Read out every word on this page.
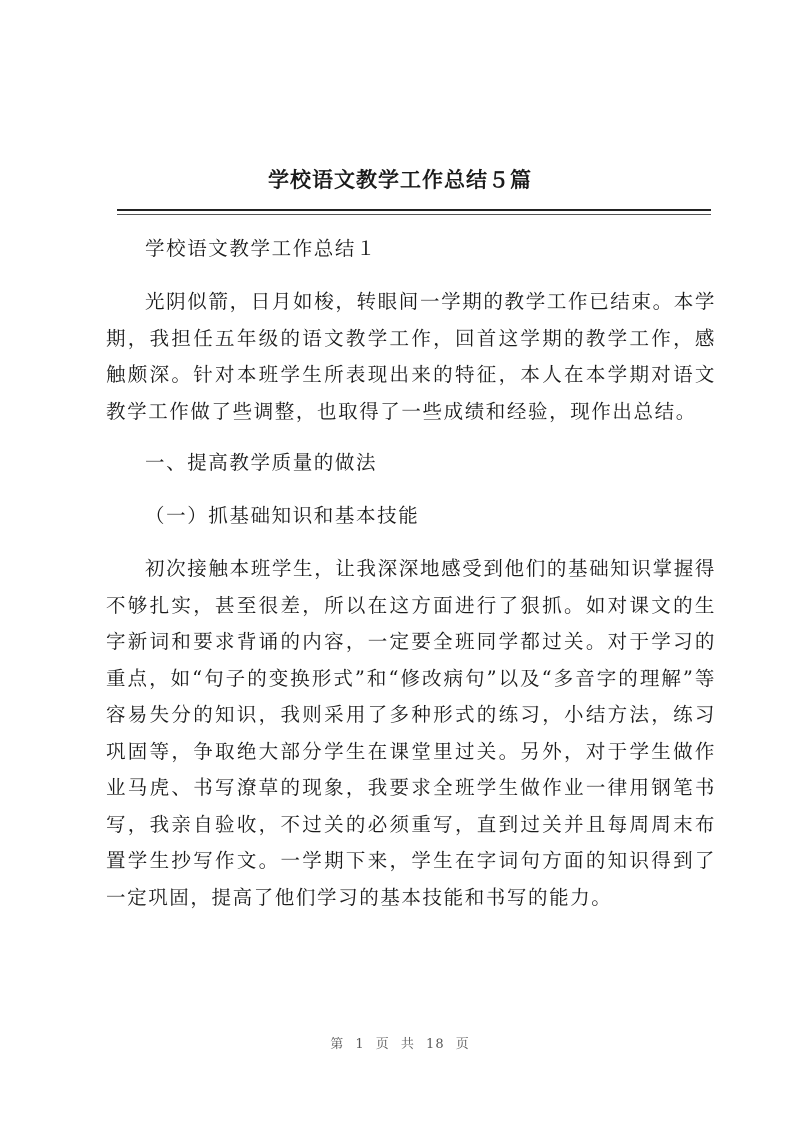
学校语文教学工作总结５篇

学校语文教学工作总结１

光阴似箭，日月如梭，转眼间一学期的教学工作已结束。本学期，我担任五年级的语文教学工作，回首这学期的教学工作，感触颇深。针对本班学生所表现出来的特征，本人在本学期对语文教学工作做了些调整，也取得了一些成绩和经验，现作出总结。

一、提高教学质量的做法

（一）抓基础知识和基本技能

初次接触本班学生，让我深深地感受到他们的基础知识掌握得不够扎实，甚至很差，所以在这方面进行了狠抓。如对课文的生字新词和要求背诵的内容，一定要全班同学都过关。对于学习的重点，如“句子的变换形式”和“修改病句”以及“多音字的理解”等容易失分的知识，我则采用了多种形式的练习，小结方法，练习巩固等，争取绝大部分学生在课堂里过关。另外，对于学生做作业马虎、书写潦草的现象，我要求全班学生做作业一律用钢笔书写，我亲自验收，不过关的必须重写，直到过关并且每周周末布置学生抄写作文。一学期下来，学生在字词句方面的知识得到了一定巩固，提高了他们学习的基本技能和书写的能力。

第 1 页 共 18 页
